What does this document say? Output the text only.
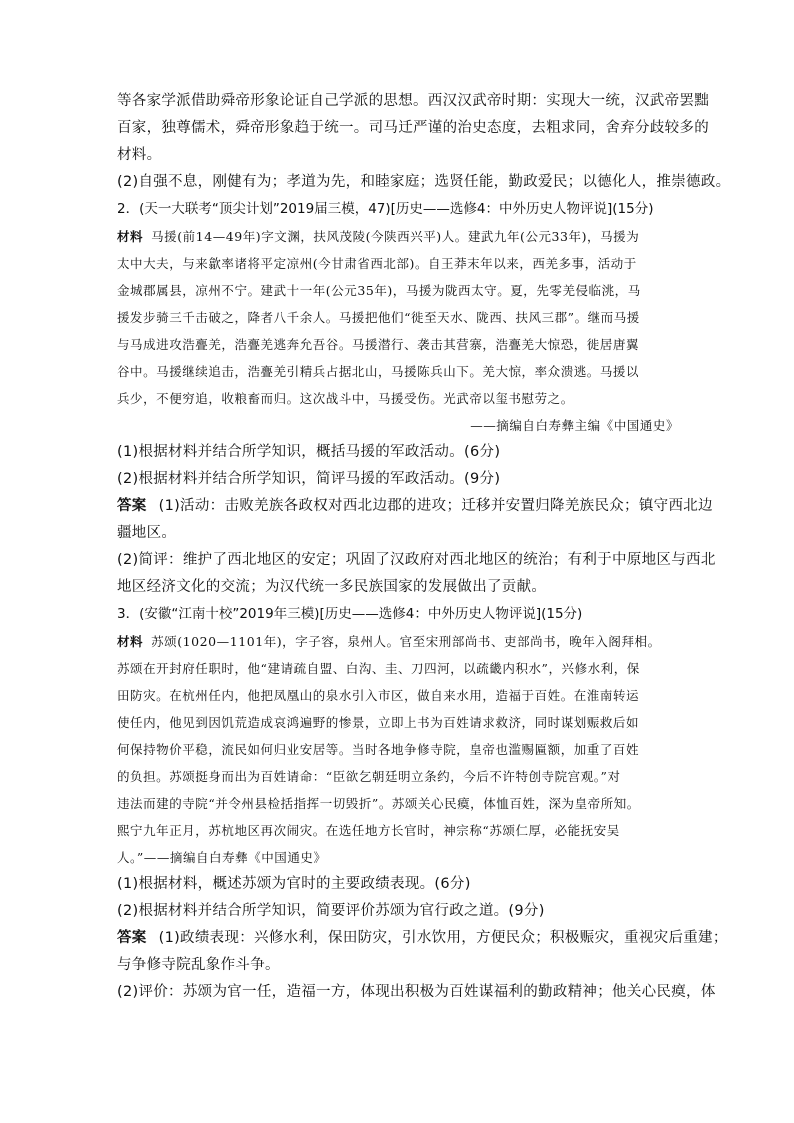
等各家学派借助舜帝形象论证自己学派的思想。西汉汉武帝时期：实现大一统，汉武帝罢黜
百家，独尊儒术，舜帝形象趋于统一。司马迁严谨的治史态度，去粗求同，舍弃分歧较多的
材料。
(2)自强不息，刚健有为；孝道为先，和睦家庭；选贤任能，勤政爱民；以德化人，推崇德政。
2．(天一大联考“顶尖计划”2019届三模，47)[历史——选修4：中外历史人物评说](15分)
材料 马援(前14—49年)字文渊，扶风茂陵(今陕西兴平)人。建武九年(公元33年)，马援为
太中大夫，与来歙率诸将平定凉州(今甘肃省西北部)。自王莽末年以来，西羌多事，活动于
金城郡属县，凉州不宁。建武十一年(公元35年)，马援为陇西太守。夏，先零羌侵临洮，马
援发步骑三千击破之，降者八千余人。马援把他们“徙至天水、陇西、扶风三郡”。继而马援
与马成进攻浩亹羌，浩亹羌逃奔允吾谷。马援潜行、袭击其营寨，浩亹羌大惊恐，徙居唐翼
谷中。马援继续追击，浩亹羌引精兵占据北山，马援陈兵山下。羌大惊，率众溃逃。马援以
兵少，不便穷追，收粮畜而归。这次战斗中，马援受伤。光武帝以玺书慰劳之。
——摘编自白寿彝主编《中国通史》
(1)根据材料并结合所学知识，概括马援的军政活动。(6分)
(2)根据材料并结合所学知识，简评马援的军政活动。(9分)
答案 (1)活动：击败羌族各政权对西北边郡的进攻；迁移并安置归降羌族民众；镇守西北边
疆地区。
(2)简评：维护了西北地区的安定；巩固了汉政府对西北地区的统治；有利于中原地区与西北
地区经济文化的交流；为汉代统一多民族国家的发展做出了贡献。
3．(安徽“江南十校”2019年三模)[历史——选修4：中外历史人物评说](15分)
材料 苏颂(1020—1101年)，字子容，泉州人。官至宋刑部尚书、吏部尚书，晚年入阁拜相。
苏颂在开封府任职时，他“建请疏自盟、白沟、圭、刀四河，以疏畿内积水”，兴修水利，保
田防灾。在杭州任内，他把凤凰山的泉水引入市区，做自来水用，造福于百姓。在淮南转运
使任内，他见到因饥荒造成哀鸿遍野的惨景，立即上书为百姓请求救济，同时谋划赈救后如
何保持物价平稳，流民如何归业安居等。当时各地争修寺院，皇帝也滥赐匾额，加重了百姓
的负担。苏颂挺身而出为百姓请命：“臣欲乞朝廷明立条约，今后不许特创寺院宫观。”对
违法而建的寺院“并令州县检括指挥一切毁折”。苏颂关心民瘼，体恤百姓，深为皇帝所知。
熙宁九年正月，苏杭地区再次闹灾。在选任地方长官时，神宗称“苏颂仁厚，必能抚安吴
人。”——摘编自白寿彝《中国通史》
(1)根据材料，概述苏颂为官时的主要政绩表现。(6分)
(2)根据材料并结合所学知识，简要评价苏颂为官行政之道。(9分)
答案 (1)政绩表现：兴修水利，保田防灾，引水饮用，方便民众；积极赈灾，重视灾后重建；
与争修寺院乱象作斗争。
(2)评价：苏颂为官一任，造福一方，体现出积极为百姓谋福利的勤政精神；他关心民瘼，体
